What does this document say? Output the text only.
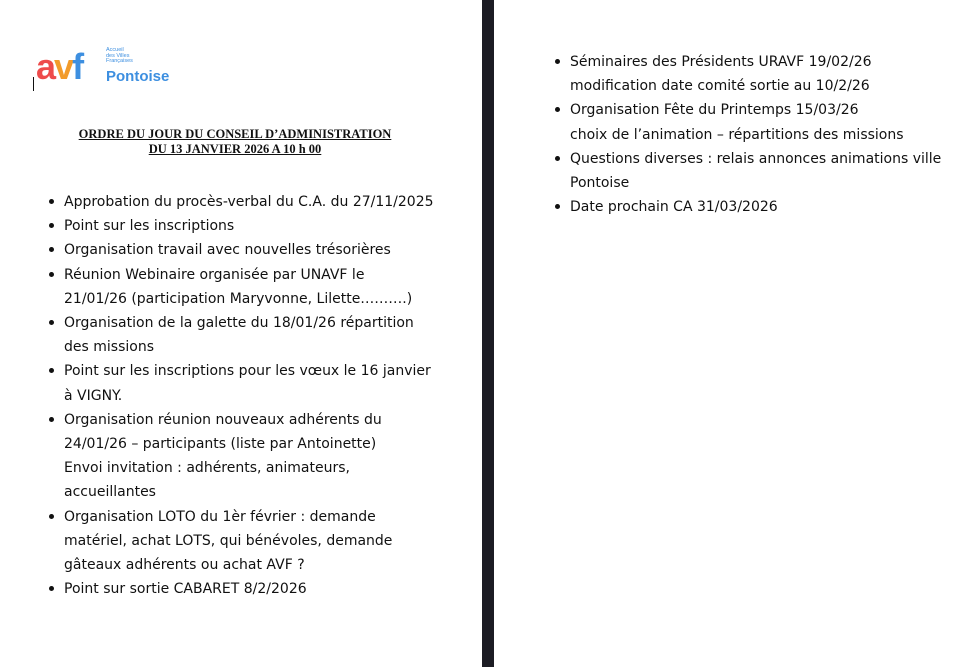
avf	Accueil
des Villes
Françaises
Pontoise
ORDRE DU JOUR DU CONSEIL D’ADMINISTRATION
DU 13 JANVIER 2026 A 10 h 00
Approbation du procès-verbal du C.A. du 27/11/2025
Point sur les inscriptions
Organisation travail avec nouvelles trésorières
Réunion Webinaire organisée par UNAVF le
21/01/26 (participation Maryvonne, Lilette……….)
Organisation de la galette du 18/01/26 répartition
des missions
Point sur les inscriptions pour les vœux le 16 janvier
à VIGNY.
Organisation réunion nouveaux adhérents du
24/01/26 – participants (liste par Antoinette)
Envoi invitation : adhérents, animateurs,
accueillantes
Organisation LOTO du 1èr février : demande
matériel, achat LOTS, qui bénévoles, demande
gâteaux adhérents ou achat AVF ?
Point sur sortie CABARET 8/2/2026
Séminaires des Présidents URAVF 19/02/26
modification date comité sortie au 10/2/26
Organisation Fête du Printemps 15/03/26
choix de l’animation – répartitions des missions
Questions diverses : relais annonces animations ville
Pontoise
Date prochain CA 31/03/2026
